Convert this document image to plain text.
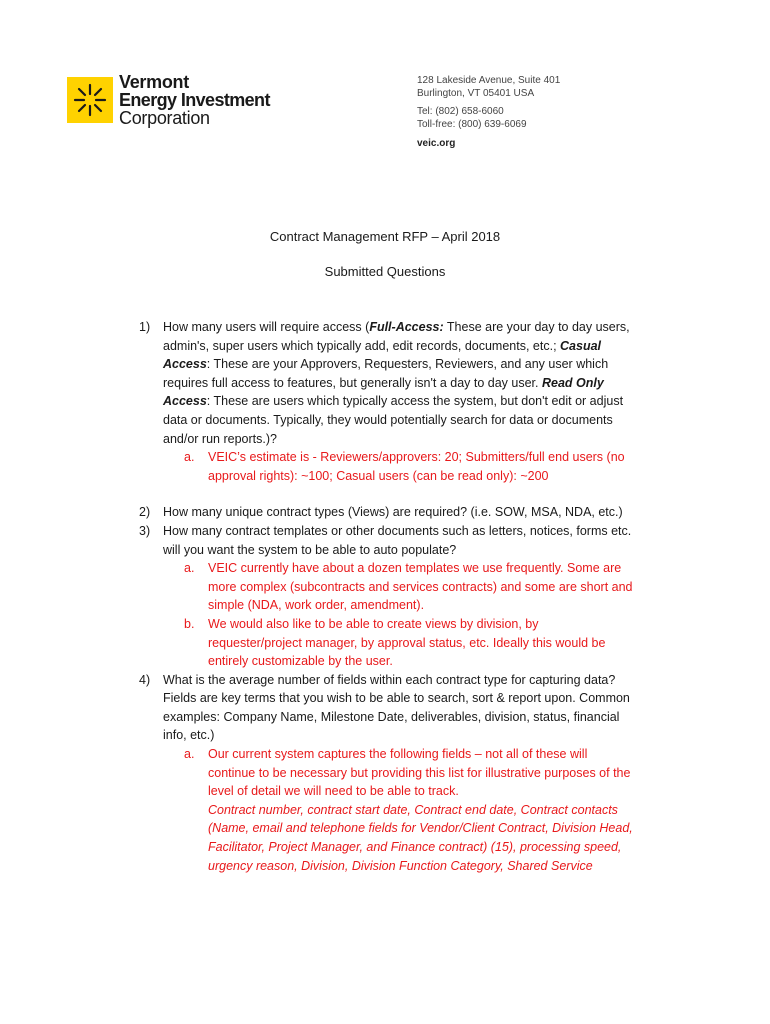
Vermont
Energy Investment
Corporation
128 Lakeside Avenue, Suite 401
Burlington, VT 05401 USA
Tel: (802) 658-6060
Toll-free: (800) 639-6069
veic.org
Contract Management RFP – April 2018
Submitted Questions
1) How many users will require access (Full-Access: These are your day to day users, admin's, super users which typically add, edit records, documents, etc.; Casual Access: These are your Approvers, Requesters, Reviewers, and any user which requires full access to features, but generally isn't a day to day user. Read Only Access: These are users which typically access the system, but don't edit or adjust data or documents. Typically, they would potentially search for data or documents and/or run reports.)?
a. VEIC’s estimate is - Reviewers/approvers: 20; Submitters/full end users (no approval rights): ~100; Casual users (can be read only): ~200
2) How many unique contract types (Views) are required? (i.e. SOW, MSA, NDA, etc.)
3) How many contract templates or other documents such as letters, notices, forms etc. will you want the system to be able to auto populate?
a. VEIC currently have about a dozen templates we use frequently. Some are more complex (subcontracts and services contracts) and some are short and simple (NDA, work order, amendment).
b. We would also like to be able to create views by division, by requester/project manager, by approval status, etc. Ideally this would be entirely customizable by the user.
4) What is the average number of fields within each contract type for capturing data? Fields are key terms that you wish to be able to search, sort & report upon. Common examples: Company Name, Milestone Date, deliverables, division, status, financial info, etc.)
a. Our current system captures the following fields – not all of these will continue to be necessary but providing this list for illustrative purposes of the level of detail we will need to be able to track.
Contract number, contract start date, Contract end date, Contract contacts (Name, email and telephone fields for Vendor/Client Contract, Division Head, Facilitator, Project Manager, and Finance contract) (15), processing speed, urgency reason, Division, Division Function Category, Shared Service
